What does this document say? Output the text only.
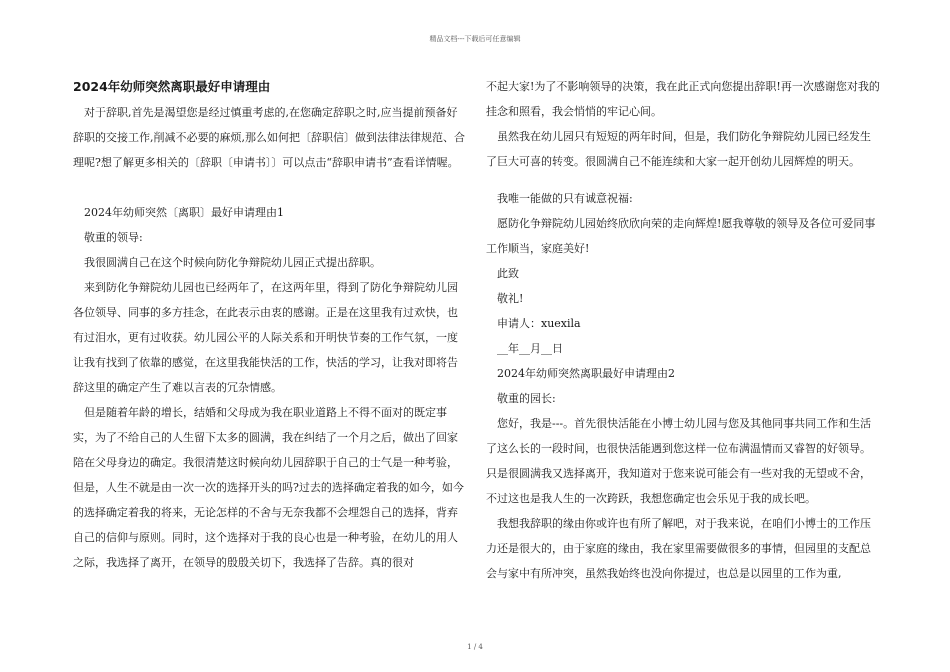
精品文档---下载后可任意编辑
2024年幼师突然离职最好申请理由

对于辞职,首先是渴望您是经过慎重考虑的,在您确定辞职之时,应当提前预备好辞职的交接工作,削减不必要的麻烦,那么如何把〔辞职信〕做到法律法律规范、合理呢?想了解更多相关的〔辞职〔申请书〕〕可以点击“辞职申请书”查看详情喔。

2024年幼师突然〔离职〕最好申请理由1

敬重的领导:

我很圆满自己在这个时候向防化争辩院幼儿园正式提出辞职。

来到防化争辩院幼儿园也已经两年了，在这两年里，得到了防化争辩院幼儿园各位领导、同事的多方挂念，在此表示由衷的感谢。正是在这里我有过欢快，也有过泪水，更有过收获。幼儿园公平的人际关系和开明快节奏的工作气氛，一度让我有找到了依靠的感觉，在这里我能快活的工作，快活的学习，让我对即将告辞这里的确定产生了难以言表的冗杂情感。

但是随着年龄的增长，结婚和父母成为我在职业道路上不得不面对的既定事实，为了不给自己的人生留下太多的圆满，我在纠结了一个月之后，做出了回家陪在父母身边的确定。我很清楚这时候向幼儿园辞职于自己的士气是一种考验，但是，人生不就是由一次一次的选择开头的吗?过去的选择确定着我的如今，如今的选择确定着我的将来，无论怎样的不舍与无奈我都不会埋怨自己的选择，背弃自己的信仰与原则。同时，这个选择对于我的良心也是一种考验，在幼儿的用人之际，我选择了离开，在领导的殷殷关切下，我选择了告辞。真的很对

不起大家!为了不影响领导的决策，我在此正式向您提出辞职!再一次感谢您对我的挂念和照看，我会悄悄的牢记心间。

虽然我在幼儿园只有短短的两年时间，但是，我们防化争辩院幼儿园已经发生了巨大可喜的转变。很圆满自己不能连续和大家一起开创幼儿园辉煌的明天。

我唯一能做的只有诚意祝福:

愿防化争辩院幼儿园始终欣欣向荣的走向辉煌!愿我尊敬的领导及各位可爱同事工作顺当，家庭美好!

此致

敬礼!

申请人：xuexila

__年__月__日

2024年幼师突然离职最好申请理由2

敬重的园长:

您好，我是---。首先很快活能在小博士幼儿园与您及其他同事共同工作和生活了这么长的一段时间，也很快活能遇到您这样一位布满温情而又睿智的好领导。只是很圆满我又选择离开，我知道对于您来说可能会有一些对我的无望或不舍，不过这也是我人生的一次跨跃，我想您确定也会乐见于我的成长吧。

我想我辞职的缘由你或许也有所了解吧，对于我来说，在咱们小博士的工作压力还是很大的，由于家庭的缘由，我在家里需要做很多的事情，但园里的支配总会与家中有所冲突，虽然我始终也没向你提过，也总是以园里的工作为重,

1 / 4
